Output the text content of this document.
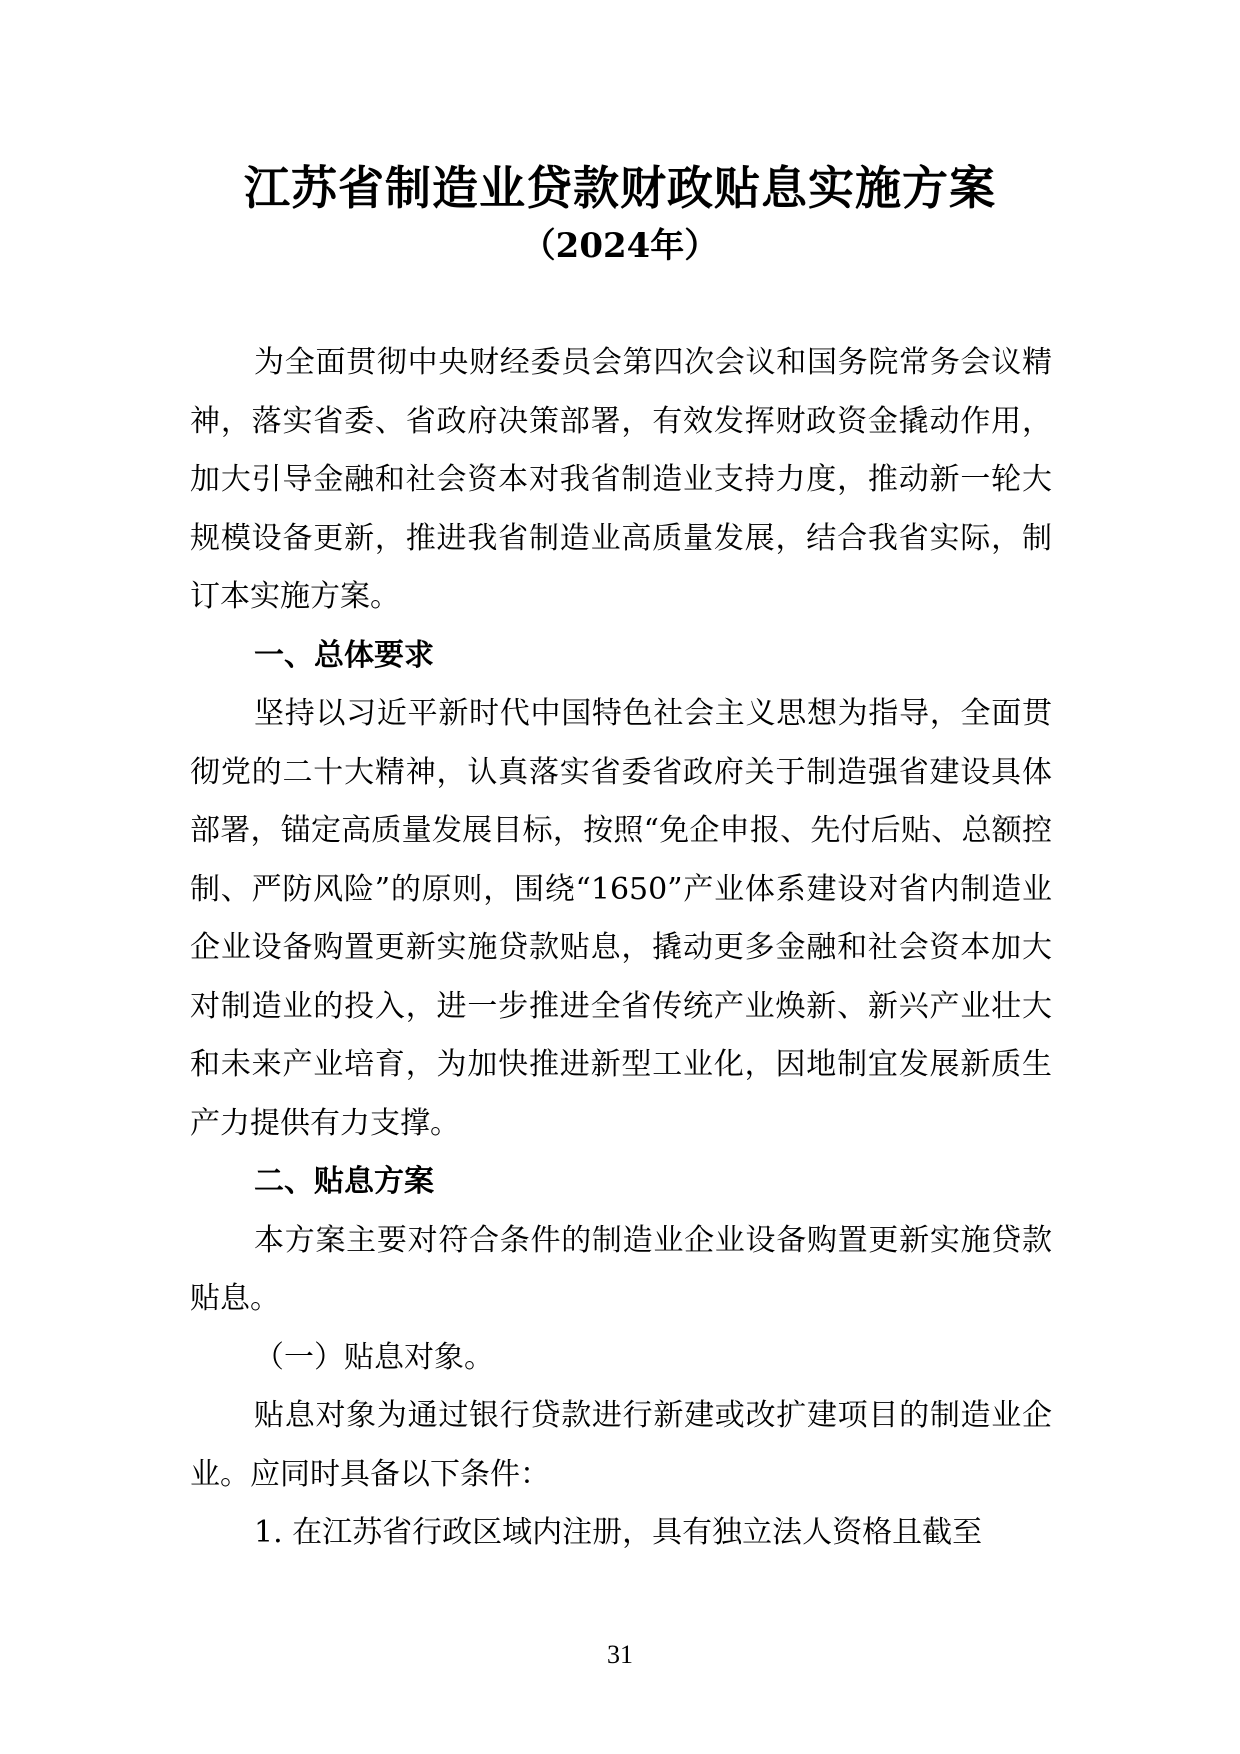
江苏省制造业贷款财政贴息实施方案
（2024年）

为全面贯彻中央财经委员会第四次会议和国务院常务会议精神，落实省委、省政府决策部署，有效发挥财政资金撬动作用，加大引导金融和社会资本对我省制造业支持力度，推动新一轮大规模设备更新，推进我省制造业高质量发展，结合我省实际，制订本实施方案。

一、总体要求

坚持以习近平新时代中国特色社会主义思想为指导，全面贯彻党的二十大精神，认真落实省委省政府关于制造强省建设具体部署，锚定高质量发展目标，按照“免企申报、先付后贴、总额控制、严防风险”的原则，围绕“1650”产业体系建设对省内制造业企业设备购置更新实施贷款贴息，撬动更多金融和社会资本加大对制造业的投入，进一步推进全省传统产业焕新、新兴产业壮大和未来产业培育，为加快推进新型工业化，因地制宜发展新质生产力提供有力支撑。

二、贴息方案

本方案主要对符合条件的制造业企业设备购置更新实施贷款贴息。

（一）贴息对象。

贴息对象为通过银行贷款进行新建或改扩建项目的制造业企业。应同时具备以下条件：

1. 在江苏省行政区域内注册，具有独立法人资格且截至

31
